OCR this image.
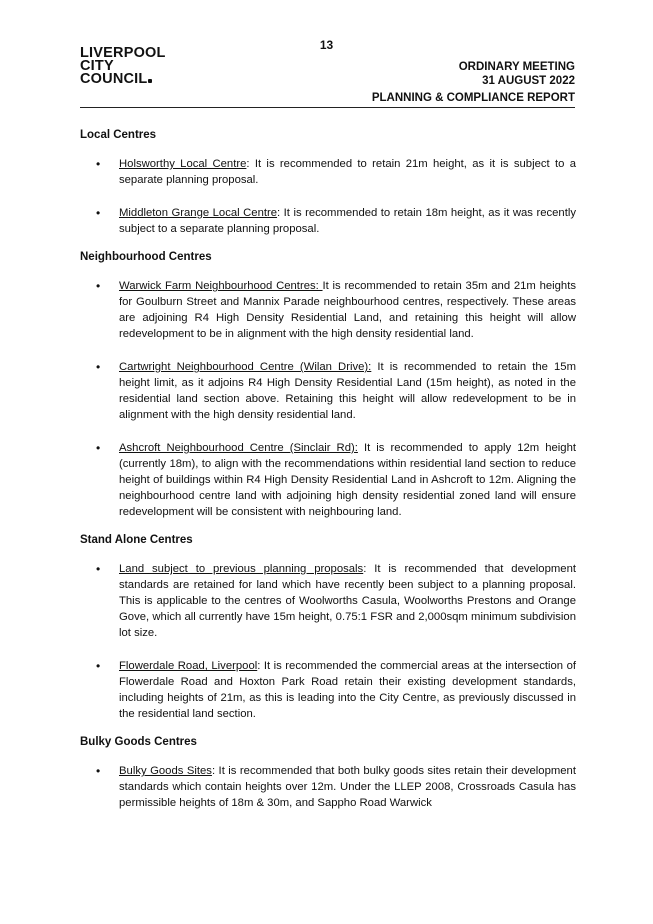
13
LIVERPOOL
CITY
COUNCIL
ORDINARY MEETING
31 AUGUST 2022
PLANNING & COMPLIANCE REPORT
Local Centres
• Holsworthy Local Centre: It is recommended to retain 21m height, as it is subject to a separate planning proposal.
• Middleton Grange Local Centre: It is recommended to retain 18m height, as it was recently subject to a separate planning proposal.
Neighbourhood Centres
• Warwick Farm Neighbourhood Centres: It is recommended to retain 35m and 21m heights for Goulburn Street and Mannix Parade neighbourhood centres, respectively. These areas are adjoining R4 High Density Residential Land, and retaining this height will allow redevelopment to be in alignment with the high density residential land.
• Cartwright Neighbourhood Centre (Wilan Drive): It is recommended to retain the 15m height limit, as it adjoins R4 High Density Residential Land (15m height), as noted in the residential land section above. Retaining this height will allow redevelopment to be in alignment with the high density residential land.
• Ashcroft Neighbourhood Centre (Sinclair Rd): It is recommended to apply 12m height (currently 18m), to align with the recommendations within residential land section to reduce height of buildings within R4 High Density Residential Land in Ashcroft to 12m. Aligning the neighbourhood centre land with adjoining high density residential zoned land will ensure redevelopment will be consistent with neighbouring land.
Stand Alone Centres
• Land subject to previous planning proposals: It is recommended that development standards are retained for land which have recently been subject to a planning proposal. This is applicable to the centres of Woolworths Casula, Woolworths Prestons and Orange Gove, which all currently have 15m height, 0.75:1 FSR and 2,000sqm minimum subdivision lot size.
• Flowerdale Road, Liverpool: It is recommended the commercial areas at the intersection of Flowerdale Road and Hoxton Park Road retain their existing development standards, including heights of 21m, as this is leading into the City Centre, as previously discussed in the residential land section.
Bulky Goods Centres
• Bulky Goods Sites: It is recommended that both bulky goods sites retain their development standards which contain heights over 12m. Under the LLEP 2008, Crossroads Casula has permissible heights of 18m & 30m, and Sappho Road Warwick
